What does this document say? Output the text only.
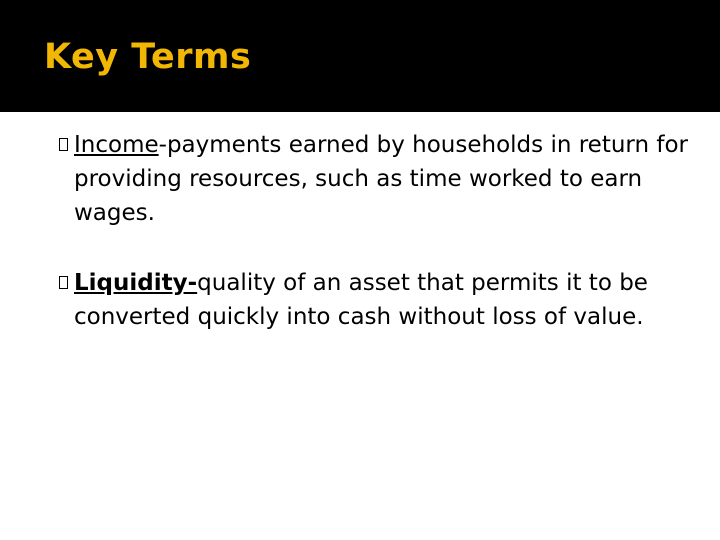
Key Terms
Income-payments earned by households in return for providing resources, such as time worked to earn wages.
Liquidity-quality of an asset that permits it to be converted quickly into cash without loss of value.
